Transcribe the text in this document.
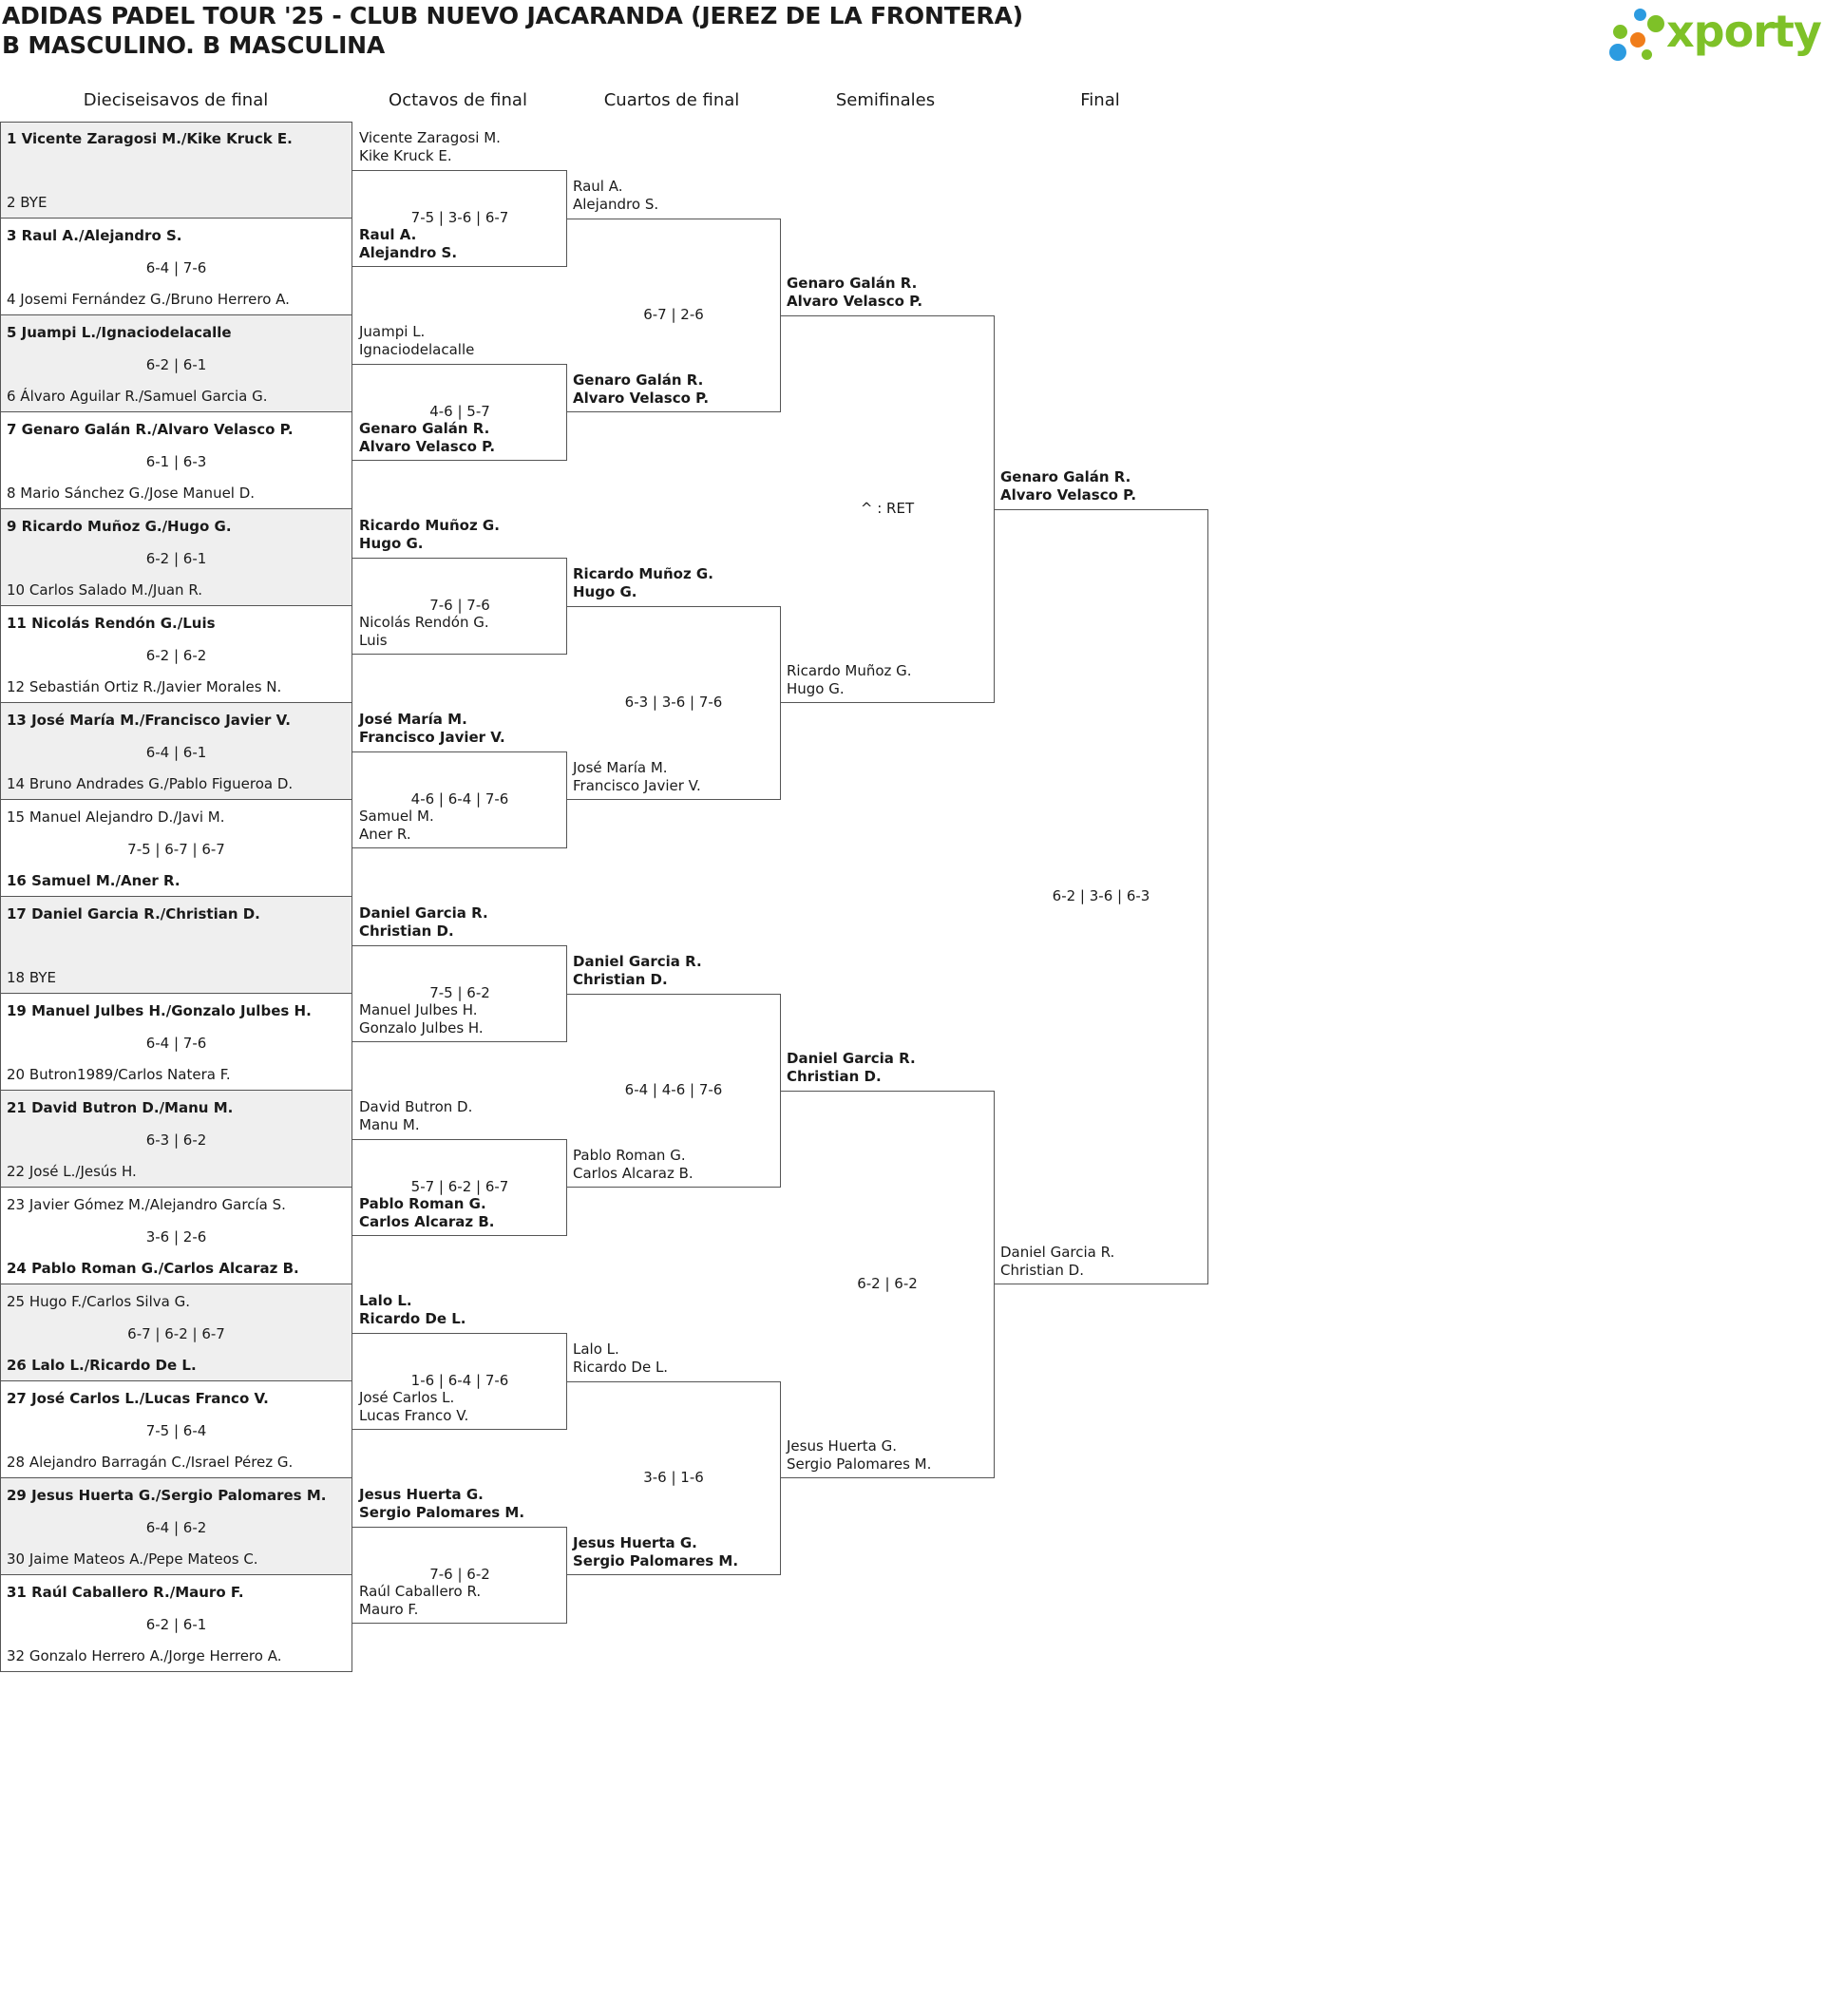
ADIDAS PADEL TOUR '25 - CLUB NUEVO JACARANDA (JEREZ DE LA FRONTERA)
B MASCULINO. B MASCULINA	xporty
Dieciseisavos de final	Octavos de final	Cuartos de final	Semifinales	Final
1 Vicente Zaragosi M./Kike Kruck E.
2 BYE
3 Raul A./Alejandro S.
4 Josemi Fernández G./Bruno Herrero A.
6-4 | 7-6
5 Juampi L./Ignaciodelacalle
6 Álvaro Aguilar R./Samuel Garcia G.
6-2 | 6-1
7 Genaro Galán R./Alvaro Velasco P.
8 Mario Sánchez G./Jose Manuel D.
6-1 | 6-3
9 Ricardo Muñoz G./Hugo G.
10 Carlos Salado M./Juan R.
6-2 | 6-1
11 Nicolás Rendón G./Luis
12 Sebastián Ortiz R./Javier Morales N.
6-2 | 6-2
13 José María M./Francisco Javier V.
14 Bruno Andrades G./Pablo Figueroa D.
6-4 | 6-1
15 Manuel Alejandro D./Javi M.
16 Samuel M./Aner R.
7-5 | 6-7 | 6-7
17 Daniel Garcia R./Christian D.
18 BYE
19 Manuel Julbes H./Gonzalo Julbes H.
20 Butron1989/Carlos Natera F.
6-4 | 7-6
21 David Butron D./Manu M.
22 José L./Jesús H.
6-3 | 6-2
23 Javier Gómez M./Alejandro García S.
24 Pablo Roman G./Carlos Alcaraz B.
3-6 | 2-6
25 Hugo F./Carlos Silva G.
26 Lalo L./Ricardo De L.
6-7 | 6-2 | 6-7
27 José Carlos L./Lucas Franco V.
28 Alejandro Barragán C./Israel Pérez G.
7-5 | 6-4
29 Jesus Huerta G./Sergio Palomares M.
30 Jaime Mateos A./Pepe Mateos C.
6-4 | 6-2
31 Raúl Caballero R./Mauro F.
32 Gonzalo Herrero A./Jorge Herrero A.
6-2 | 6-1
Vicente Zaragosi M.
Kike Kruck E.
Raul A.
Alejandro S.
7-5 | 3-6 | 6-7
Juampi L.
Ignaciodelacalle
Genaro Galán R.
Alvaro Velasco P.
4-6 | 5-7
Ricardo Muñoz G.
Hugo G.
Nicolás Rendón G.
Luis
7-6 | 7-6
José María M.
Francisco Javier V.
Samuel M.
Aner R.
4-6 | 6-4 | 7-6
Daniel Garcia R.
Christian D.
Manuel Julbes H.
Gonzalo Julbes H.
7-5 | 6-2
David Butron D.
Manu M.
Pablo Roman G.
Carlos Alcaraz B.
5-7 | 6-2 | 6-7
Lalo L.
Ricardo De L.
José Carlos L.
Lucas Franco V.
1-6 | 6-4 | 7-6
Jesus Huerta G.
Sergio Palomares M.
Raúl Caballero R.
Mauro F.
7-6 | 6-2
Raul A.
Alejandro S.
Genaro Galán R.
Alvaro Velasco P.
6-7 | 2-6
Ricardo Muñoz G.
Hugo G.
José María M.
Francisco Javier V.
6-3 | 3-6 | 7-6
Daniel Garcia R.
Christian D.
Pablo Roman G.
Carlos Alcaraz B.
6-4 | 4-6 | 7-6
Lalo L.
Ricardo De L.
Jesus Huerta G.
Sergio Palomares M.
3-6 | 1-6
Genaro Galán R.
Alvaro Velasco P.
Ricardo Muñoz G.
Hugo G.
^ : RET
Daniel Garcia R.
Christian D.
Jesus Huerta G.
Sergio Palomares M.
6-2 | 6-2
Genaro Galán R.
Alvaro Velasco P.
Daniel Garcia R.
Christian D.
6-2 | 3-6 | 6-3
